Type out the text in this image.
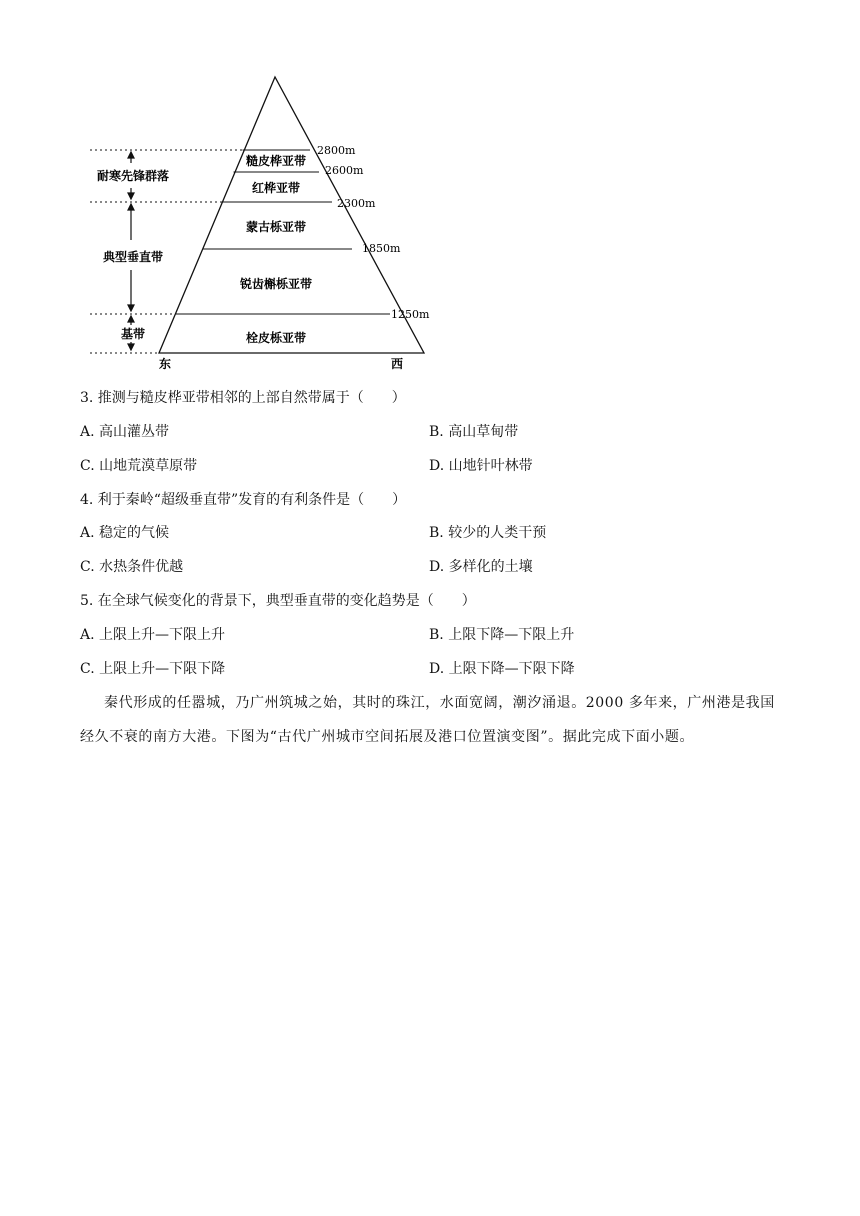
耐寒先锋群落
典型垂直带
基带
糙皮桦亚带
红桦亚带
蒙古栎亚带
锐齿槲栎亚带
栓皮栎亚带
2800m
2600m
2300m
1850m
1250m
东	西
3. 推测与糙皮桦亚带相邻的上部自然带属于（　　）
A. 高山灌丛带	B. 高山草甸带
C. 山地荒漠草原带	D. 山地针叶林带
4. 利于秦岭“超级垂直带”发育的有利条件是（　　）
A. 稳定的气候	B. 较少的人类干预
C. 水热条件优越	D. 多样化的土壤
5. 在全球气候变化的背景下，典型垂直带的变化趋势是（　　）
A. 上限上升—下限上升	B. 上限下降—下限上升
C. 上限上升—下限下降	D. 上限下降—下限下降
秦代形成的任嚣城，乃广州筑城之始，其时的珠江，水面宽阔，潮汐涌退。2000 多年来，广州港是我国经久不衰的南方大港。下图为“古代广州城市空间拓展及港口位置演变图”。据此完成下面小题。
